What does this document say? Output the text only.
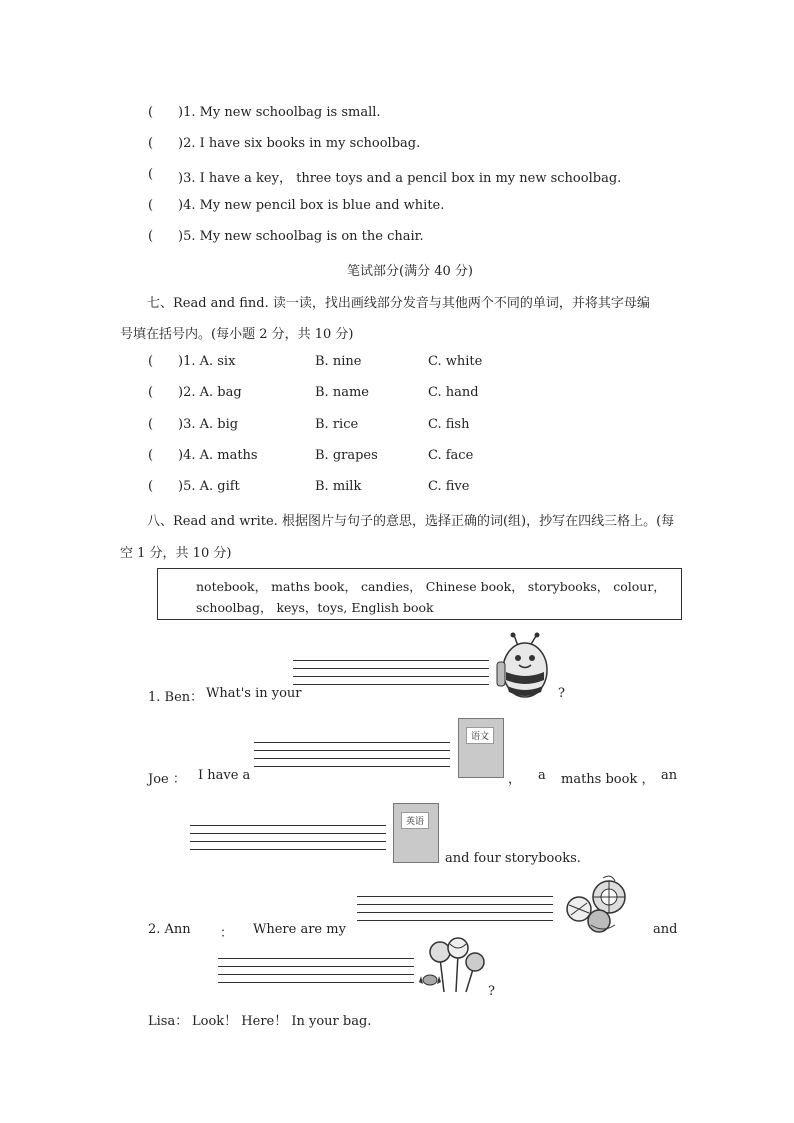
( )1. My new schoolbag is small.
( )2. I have six books in my schoolbag.
( )3. I have a key， three toys and a pencil box in my new schoolbag.
( )4. My new pencil box is blue and white.
( )5. My new schoolbag is on the chair.
笔试部分(满分 40 分)
七、Read and find. 读一读，找出画线部分发音与其他两个不同的单词，并将其字母编
号填在括号内。(每小题 2 分，共 10 分)
( )1. A. six	B. nine	C. white
( )2. A. bag	B. name	C. hand
( )3. A. big	B. rice	C. fish
( )4. A. maths	B. grapes	C. face
( )5. A. gift	B. milk	C. five
八、Read and write. 根据图片与句子的意思，选择正确的词(组)，抄写在四线三格上。(每
空 1 分，共 10 分)
notebook， maths book， candies， Chinese book， storybooks， colour，
schoolbag， keys，toys, English book
1. Ben： What's in your	?
Joe ： I have a
语文
， a maths book ， an
英语
and four storybooks.
2. Ann ： Where are my	and
?
Lisa： Look！ Here！ In your bag.
